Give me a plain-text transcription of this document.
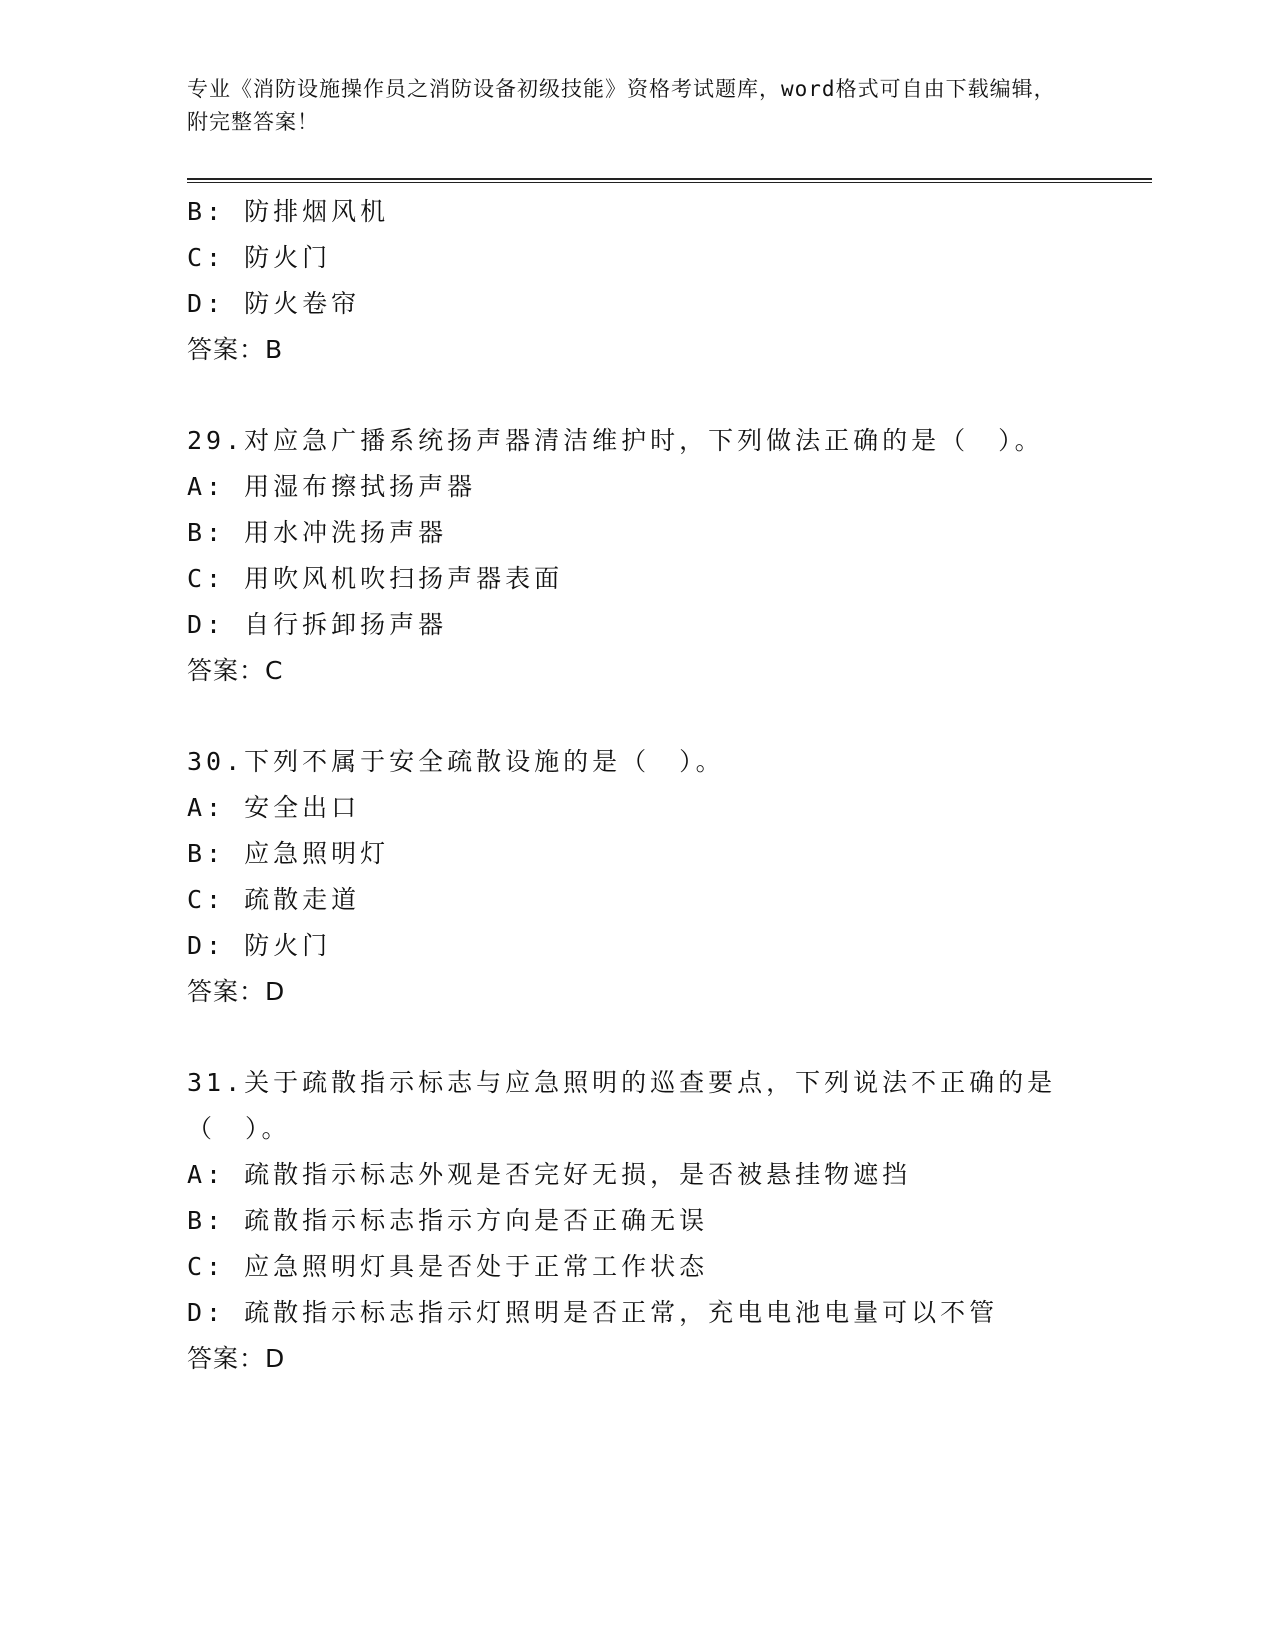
专业《消防设施操作员之消防设备初级技能》资格考试题库，word格式可自由下载编辑，附完整答案！
B: 防排烟风机
C: 防火门
D: 防火卷帘
答案：B
29.对应急广播系统扬声器清洁维护时，下列做法正确的是（　）。
A: 用湿布擦拭扬声器
B: 用水冲洗扬声器
C: 用吹风机吹扫扬声器表面
D: 自行拆卸扬声器
答案：C
30.下列不属于安全疏散设施的是（　）。
A: 安全出口
B: 应急照明灯
C: 疏散走道
D: 防火门
答案：D
31.关于疏散指示标志与应急照明的巡查要点，下列说法不正确的是（　）。
A: 疏散指示标志外观是否完好无损，是否被悬挂物遮挡
B: 疏散指示标志指示方向是否正确无误
C: 应急照明灯具是否处于正常工作状态
D: 疏散指示标志指示灯照明是否正常，充电电池电量可以不管
答案：D
